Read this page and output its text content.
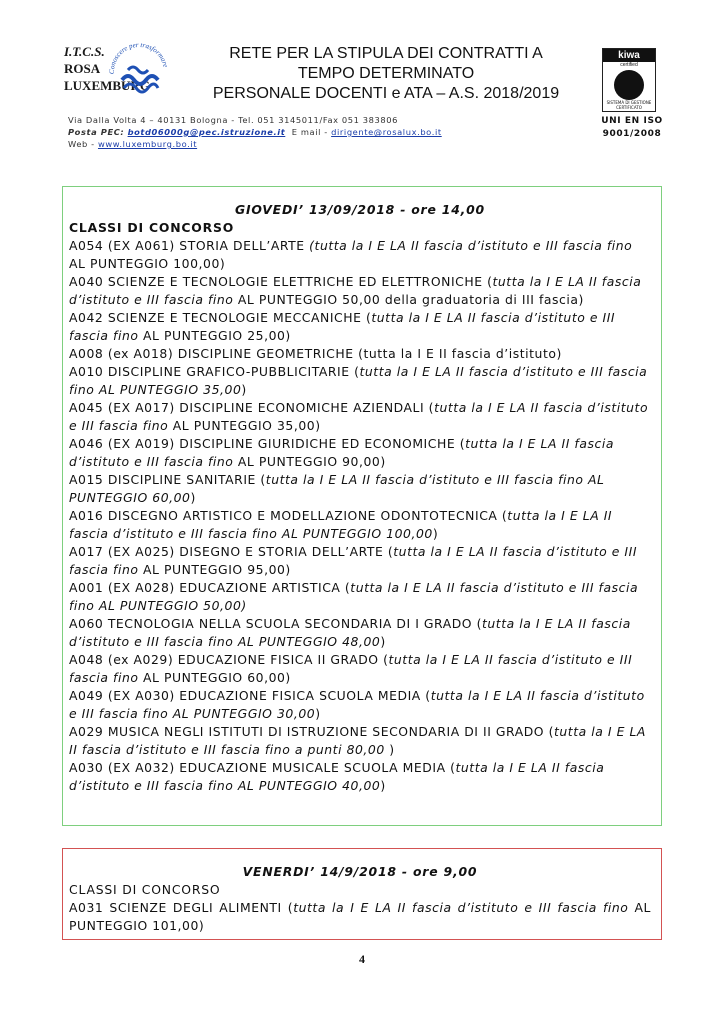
I.T.C.S.
ROSA
LUXEMBURG
Conoscere per trasformare
RETE PER LA STIPULA DEI CONTRATTI A
TEMPO DETERMINATO
PERSONALE DOCENTI e ATA – A.S. 2018/2019
kiwa
certified
SISTEMA DI GESTIONE CERTIFICATO
UNI EN ISO
9001/2008
Via Dalla Volta 4 – 40131 Bologna - Tel. 051 3145011/Fax 051 383806
Posta PEC: botd06000g@pec.istruzione.it E mail - dirigente@rosalux.bo.it
Web - www.luxemburg.bo.it
GIOVEDI’ 13/09/2018 - ore 14,00
CLASSI DI CONCORSO
A054 (EX A061) STORIA DELL’ARTE (tutta la I E LA II fascia d’istituto e III fascia fino AL PUNTEGGIO 100,00)
A040 SCIENZE E TECNOLOGIE ELETTRICHE ED ELETTRONICHE (tutta la I E LA II fascia d’istituto e III fascia fino AL PUNTEGGIO 50,00 della graduatoria di III fascia)
A042 SCIENZE E TECNOLOGIE MECCANICHE (tutta la I E LA II fascia d’istituto e III fascia fino AL PUNTEGGIO 25,00)
A008 (ex A018) DISCIPLINE GEOMETRICHE (tutta la I E II fascia d’istituto)
A010 DISCIPLINE GRAFICO-PUBBLICITARIE (tutta la I E LA II fascia d’istituto e III fascia fino AL PUNTEGGIO 35,00)
A045 (EX A017) DISCIPLINE ECONOMICHE AZIENDALI (tutta la I E LA II fascia d’istituto e III fascia fino AL PUNTEGGIO 35,00)
A046 (EX A019) DISCIPLINE GIURIDICHE ED ECONOMICHE (tutta la I E LA II fascia d’istituto e III fascia fino AL PUNTEGGIO 90,00)
A015 DISCIPLINE SANITARIE (tutta la I E LA II fascia d’istituto e III fascia fino AL PUNTEGGIO 60,00)
A016 DISCEGNO ARTISTICO E MODELLAZIONE ODONTOTECNICA (tutta la I E LA II fascia d’istituto e III fascia fino AL PUNTEGGIO 100,00)
A017 (EX A025) DISEGNO E STORIA DELL’ARTE (tutta la I E LA II fascia d’istituto e III fascia fino AL PUNTEGGIO 95,00)
A001 (EX A028) EDUCAZIONE ARTISTICA (tutta la I E LA II fascia d’istituto e III fascia fino AL PUNTEGGIO 50,00)
A060 TECNOLOGIA NELLA SCUOLA SECONDARIA DI I GRADO (tutta la I E LA II fascia d’istituto e III fascia fino AL PUNTEGGIO 48,00)
A048 (ex A029) EDUCAZIONE FISICA II GRADO (tutta la I E LA II fascia d’istituto e III fascia fino AL PUNTEGGIO 60,00)
A049 (EX A030) EDUCAZIONE FISICA SCUOLA MEDIA (tutta la I E LA II fascia d’istituto e III fascia fino AL PUNTEGGIO 30,00)
A029 MUSICA NEGLI ISTITUTI DI ISTRUZIONE SECONDARIA DI II GRADO (tutta la I E LA II fascia d’istituto e III fascia fino a punti 80,00 )
A030 (EX A032) EDUCAZIONE MUSICALE SCUOLA MEDIA (tutta la I E LA II fascia d’istituto e III fascia fino AL PUNTEGGIO 40,00)
VENERDI’ 14/9/2018 - ore 9,00
CLASSI DI CONCORSO
A031 SCIENZE DEGLI ALIMENTI (tutta la I E LA II fascia d’istituto e III fascia fino AL PUNTEGGIO 101,00)
4
